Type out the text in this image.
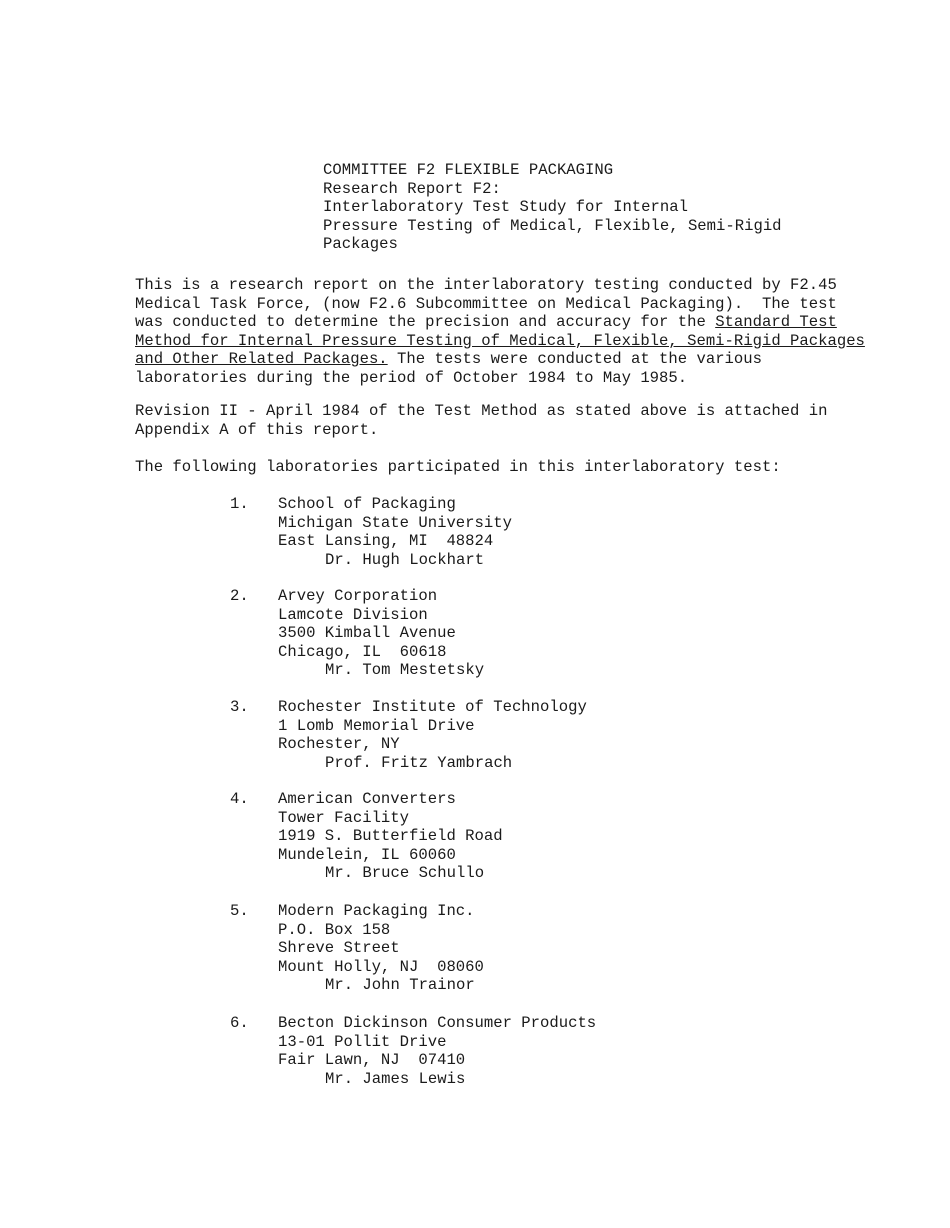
COMMITTEE F2 FLEXIBLE PACKAGING
Research Report F2:
Interlaboratory Test Study for Internal
Pressure Testing of Medical, Flexible, Semi-Rigid
Packages
This is a research report on the interlaboratory testing conducted by F2.45
Medical Task Force, (now F2.6 Subcommittee on Medical Packaging).  The test
was conducted to determine the precision and accuracy for the Standard Test
Method for Internal Pressure Testing of Medical, Flexible, Semi-Rigid Packages
and Other Related Packages. The tests were conducted at the various
laboratories during the period of October 1984 to May 1985.
Revision II - April 1984 of the Test Method as stated above is attached in
Appendix A of this report.
The following laboratories participated in this interlaboratory test:
1. School of Packaging
Michigan State University
East Lansing, MI  48824
Dr. Hugh Lockhart
2. Arvey Corporation
Lamcote Division
3500 Kimball Avenue
Chicago, IL  60618
Mr. Tom Mestetsky
3. Rochester Institute of Technology
1 Lomb Memorial Drive
Rochester, NY
Prof. Fritz Yambrach
4. American Converters
Tower Facility
1919 S. Butterfield Road
Mundelein, IL 60060
Mr. Bruce Schullo
5. Modern Packaging Inc.
P.O. Box 158
Shreve Street
Mount Holly, NJ  08060
Mr. John Trainor
6. Becton Dickinson Consumer Products
13-01 Pollit Drive
Fair Lawn, NJ  07410
Mr. James Lewis
